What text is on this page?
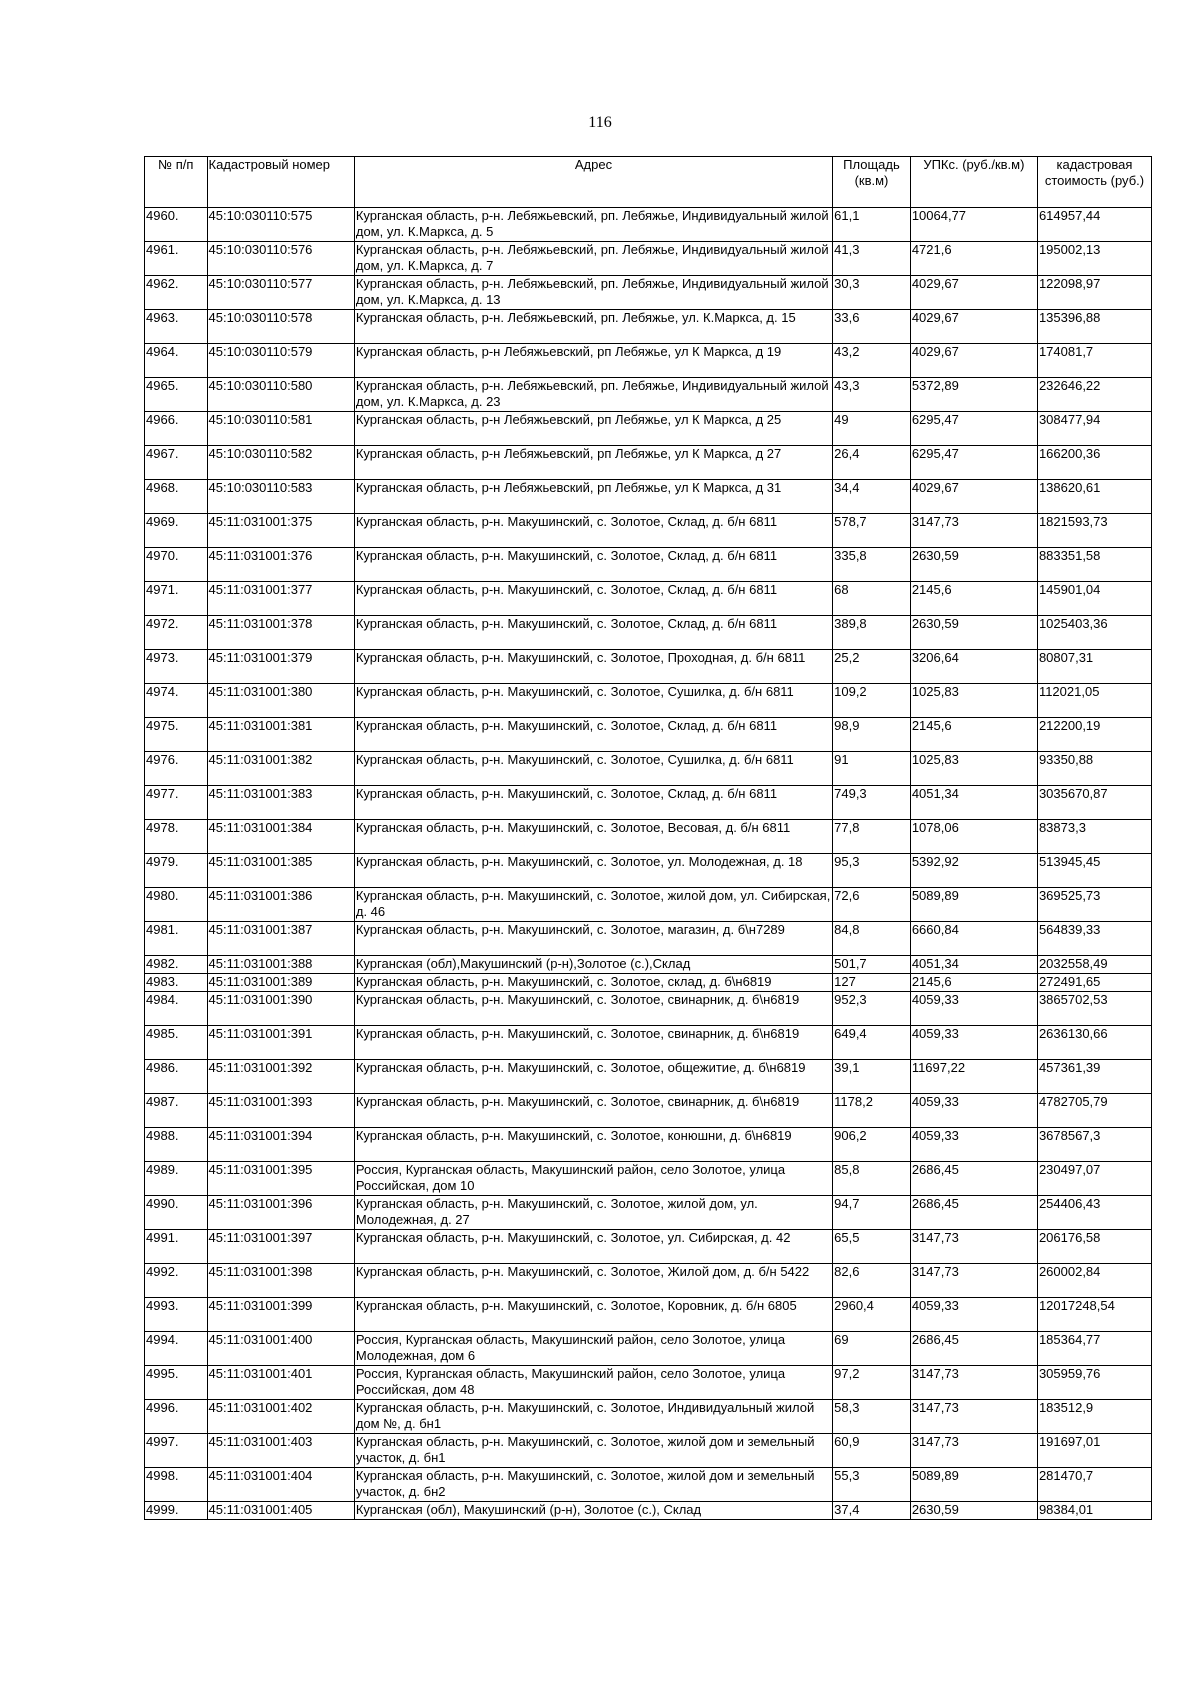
116
№ п/п	Кадастровый номер	Адрес	Площадь (кв.м)	УПКс. (руб./кв.м)	кадастровая стоимость (руб.)
4960.	45:10:030110:575	Курганская область, р-н. Лебяжьевский, рп. Лебяжье, Индивидуальный жилой дом, ул. К.Маркса, д. 5	61,1	10064,77	614957,44
4961.	45:10:030110:576	Курганская область, р-н. Лебяжьевский, рп. Лебяжье, Индивидуальный жилой дом, ул. К.Маркса, д. 7	41,3	4721,6	195002,13
4962.	45:10:030110:577	Курганская область, р-н. Лебяжьевский, рп. Лебяжье, Индивидуальный жилой дом, ул. К.Маркса, д. 13	30,3	4029,67	122098,97
4963.	45:10:030110:578	Курганская область, р-н. Лебяжьевский, рп. Лебяжье, ул. К.Маркса, д. 15	33,6	4029,67	135396,88
4964.	45:10:030110:579	Курганская область, р-н Лебяжьевский, рп Лебяжье, ул К Маркса, д 19	43,2	4029,67	174081,7
4965.	45:10:030110:580	Курганская область, р-н. Лебяжьевский, рп. Лебяжье, Индивидуальный жилой дом, ул. К.Маркса, д. 23	43,3	5372,89	232646,22
4966.	45:10:030110:581	Курганская область, р-н Лебяжьевский, рп Лебяжье, ул К Маркса, д 25	49	6295,47	308477,94
4967.	45:10:030110:582	Курганская область, р-н Лебяжьевский, рп Лебяжье, ул К Маркса, д 27	26,4	6295,47	166200,36
4968.	45:10:030110:583	Курганская область, р-н Лебяжьевский, рп Лебяжье, ул К Маркса, д 31	34,4	4029,67	138620,61
4969.	45:11:031001:375	Курганская область, р-н. Макушинский, с. Золотое, Склад, д. б/н 6811	578,7	3147,73	1821593,73
4970.	45:11:031001:376	Курганская область, р-н. Макушинский, с. Золотое, Склад, д. б/н 6811	335,8	2630,59	883351,58
4971.	45:11:031001:377	Курганская область, р-н. Макушинский, с. Золотое, Склад, д. б/н 6811	68	2145,6	145901,04
4972.	45:11:031001:378	Курганская область, р-н. Макушинский, с. Золотое, Склад, д. б/н 6811	389,8	2630,59	1025403,36
4973.	45:11:031001:379	Курганская область, р-н. Макушинский, с. Золотое, Проходная, д. б/н 6811	25,2	3206,64	80807,31
4974.	45:11:031001:380	Курганская область, р-н. Макушинский, с. Золотое, Сушилка, д. б/н 6811	109,2	1025,83	112021,05
4975.	45:11:031001:381	Курганская область, р-н. Макушинский, с. Золотое, Склад, д. б/н 6811	98,9	2145,6	212200,19
4976.	45:11:031001:382	Курганская область, р-н. Макушинский, с. Золотое, Сушилка, д. б/н 6811	91	1025,83	93350,88
4977.	45:11:031001:383	Курганская область, р-н. Макушинский, с. Золотое, Склад, д. б/н 6811	749,3	4051,34	3035670,87
4978.	45:11:031001:384	Курганская область, р-н. Макушинский, с. Золотое, Весовая, д. б/н 6811	77,8	1078,06	83873,3
4979.	45:11:031001:385	Курганская область, р-н. Макушинский, с. Золотое, ул. Молодежная, д. 18	95,3	5392,92	513945,45
4980.	45:11:031001:386	Курганская область, р-н. Макушинский, с. Золотое, жилой дом, ул. Сибирская, д. 46	72,6	5089,89	369525,73
4981.	45:11:031001:387	Курганская область, р-н. Макушинский, с. Золотое, магазин, д. б\н7289	84,8	6660,84	564839,33
4982.	45:11:031001:388	Курганская (обл),Макушинский (р-н),Золотое (с.),Склад	501,7	4051,34	2032558,49
4983.	45:11:031001:389	Курганская область, р-н. Макушинский, с. Золотое, склад, д. б\н6819	127	2145,6	272491,65
4984.	45:11:031001:390	Курганская область, р-н. Макушинский, с. Золотое, свинарник, д. б\н6819	952,3	4059,33	3865702,53
4985.	45:11:031001:391	Курганская область, р-н. Макушинский, с. Золотое, свинарник, д. б\н6819	649,4	4059,33	2636130,66
4986.	45:11:031001:392	Курганская область, р-н. Макушинский, с. Золотое, общежитие, д. б\н6819	39,1	11697,22	457361,39
4987.	45:11:031001:393	Курганская область, р-н. Макушинский, с. Золотое, свинарник, д. б\н6819	1178,2	4059,33	4782705,79
4988.	45:11:031001:394	Курганская область, р-н. Макушинский, с. Золотое, конюшни, д. б\н6819	906,2	4059,33	3678567,3
4989.	45:11:031001:395	Россия, Курганская область, Макушинский район, село Золотое, улица Российская, дом 10	85,8	2686,45	230497,07
4990.	45:11:031001:396	Курганская область, р-н. Макушинский, с. Золотое, жилой дом, ул. Молодежная, д. 27	94,7	2686,45	254406,43
4991.	45:11:031001:397	Курганская область, р-н. Макушинский, с. Золотое, ул. Сибирская, д. 42	65,5	3147,73	206176,58
4992.	45:11:031001:398	Курганская область, р-н. Макушинский, с. Золотое, Жилой дом, д. б/н 5422	82,6	3147,73	260002,84
4993.	45:11:031001:399	Курганская область, р-н. Макушинский, с. Золотое, Коровник, д. б/н 6805	2960,4	4059,33	12017248,54
4994.	45:11:031001:400	Россия, Курганская область, Макушинский район, село Золотое, улица Молодежная, дом 6	69	2686,45	185364,77
4995.	45:11:031001:401	Россия, Курганская область, Макушинский район, село Золотое, улица Российская, дом 48	97,2	3147,73	305959,76
4996.	45:11:031001:402	Курганская область, р-н. Макушинский, с. Золотое, Индивидуальный жилой дом №, д. бн1	58,3	3147,73	183512,9
4997.	45:11:031001:403	Курганская область, р-н. Макушинский, с. Золотое, жилой дом и земельный участок, д. бн1	60,9	3147,73	191697,01
4998.	45:11:031001:404	Курганская область, р-н. Макушинский, с. Золотое, жилой дом и земельный участок, д. бн2	55,3	5089,89	281470,7
4999.	45:11:031001:405	Курганская (обл), Макушинский (р-н), Золотое (с.), Склад	37,4	2630,59	98384,01
